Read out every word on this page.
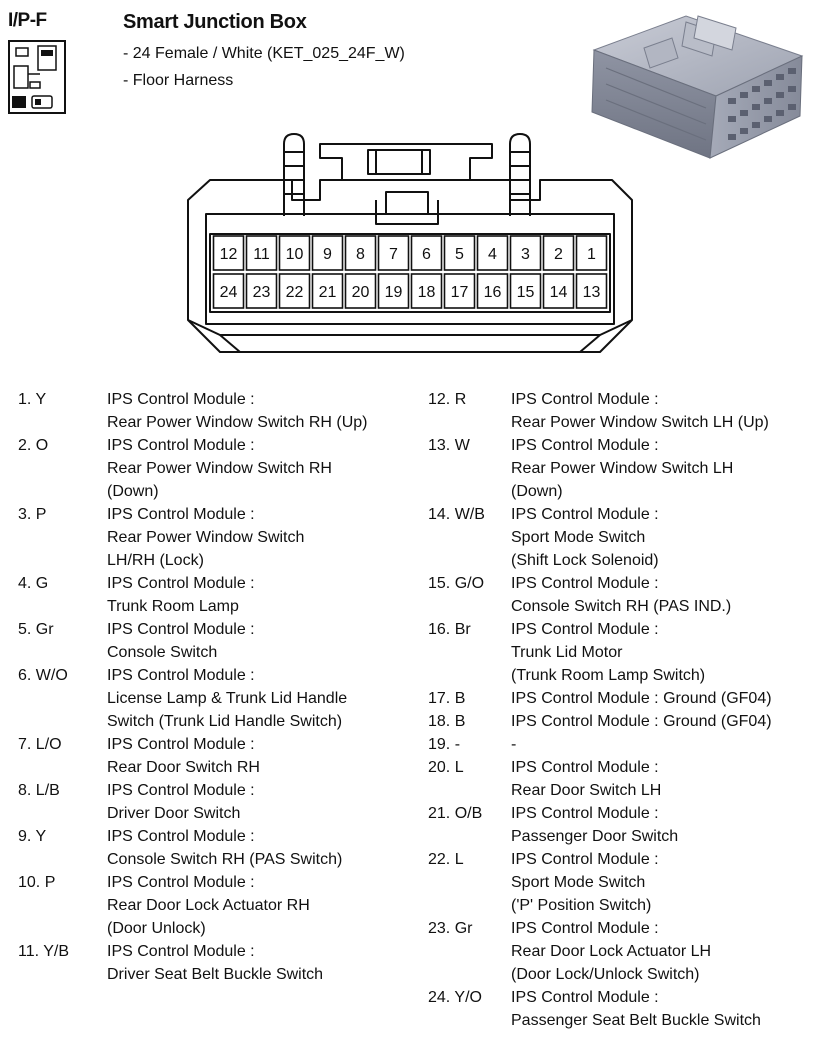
I/P-F	Smart Junction Box
- 24 Female / White (KET_025_24F_W)
- Floor Harness
12 11 10 9 8 7 6 5 4 3 2 1
24 23 22 21 20 19 18 17 16 15 14 13
1. Y	IPS Control Module :
Rear Power Window Switch RH (Up)
2. O	IPS Control Module :
Rear Power Window Switch RH
(Down)
3. P	IPS Control Module :
Rear Power Window Switch
LH/RH (Lock)
4. G	IPS Control Module :
Trunk Room Lamp
5. Gr	IPS Control Module :
Console Switch
6. W/O	IPS Control Module :
License Lamp & Trunk Lid Handle
Switch (Trunk Lid Handle Switch)
7. L/O	IPS Control Module :
Rear Door Switch RH
8. L/B	IPS Control Module :
Driver Door Switch
9. Y	IPS Control Module :
Console Switch RH (PAS Switch)
10. P	IPS Control Module :
Rear Door Lock Actuator RH
(Door Unlock)
11. Y/B	IPS Control Module :
Driver Seat Belt Buckle Switch
12. R	IPS Control Module :
Rear Power Window Switch LH (Up)
13. W	IPS Control Module :
Rear Power Window Switch LH
(Down)
14. W/B	IPS Control Module :
Sport Mode Switch
(Shift Lock Solenoid)
15. G/O	IPS Control Module :
Console Switch RH (PAS IND.)
16. Br	IPS Control Module :
Trunk Lid Motor
(Trunk Room Lamp Switch)
17. B	IPS Control Module : Ground (GF04)
18. B	IPS Control Module : Ground (GF04)
19. -	-
20. L	IPS Control Module :
Rear Door Switch LH
21. O/B	IPS Control Module :
Passenger Door Switch
22. L	IPS Control Module :
Sport Mode Switch
('P' Position Switch)
23. Gr	IPS Control Module :
Rear Door Lock Actuator LH
(Door Lock/Unlock Switch)
24. Y/O	IPS Control Module :
Passenger Seat Belt Buckle Switch
